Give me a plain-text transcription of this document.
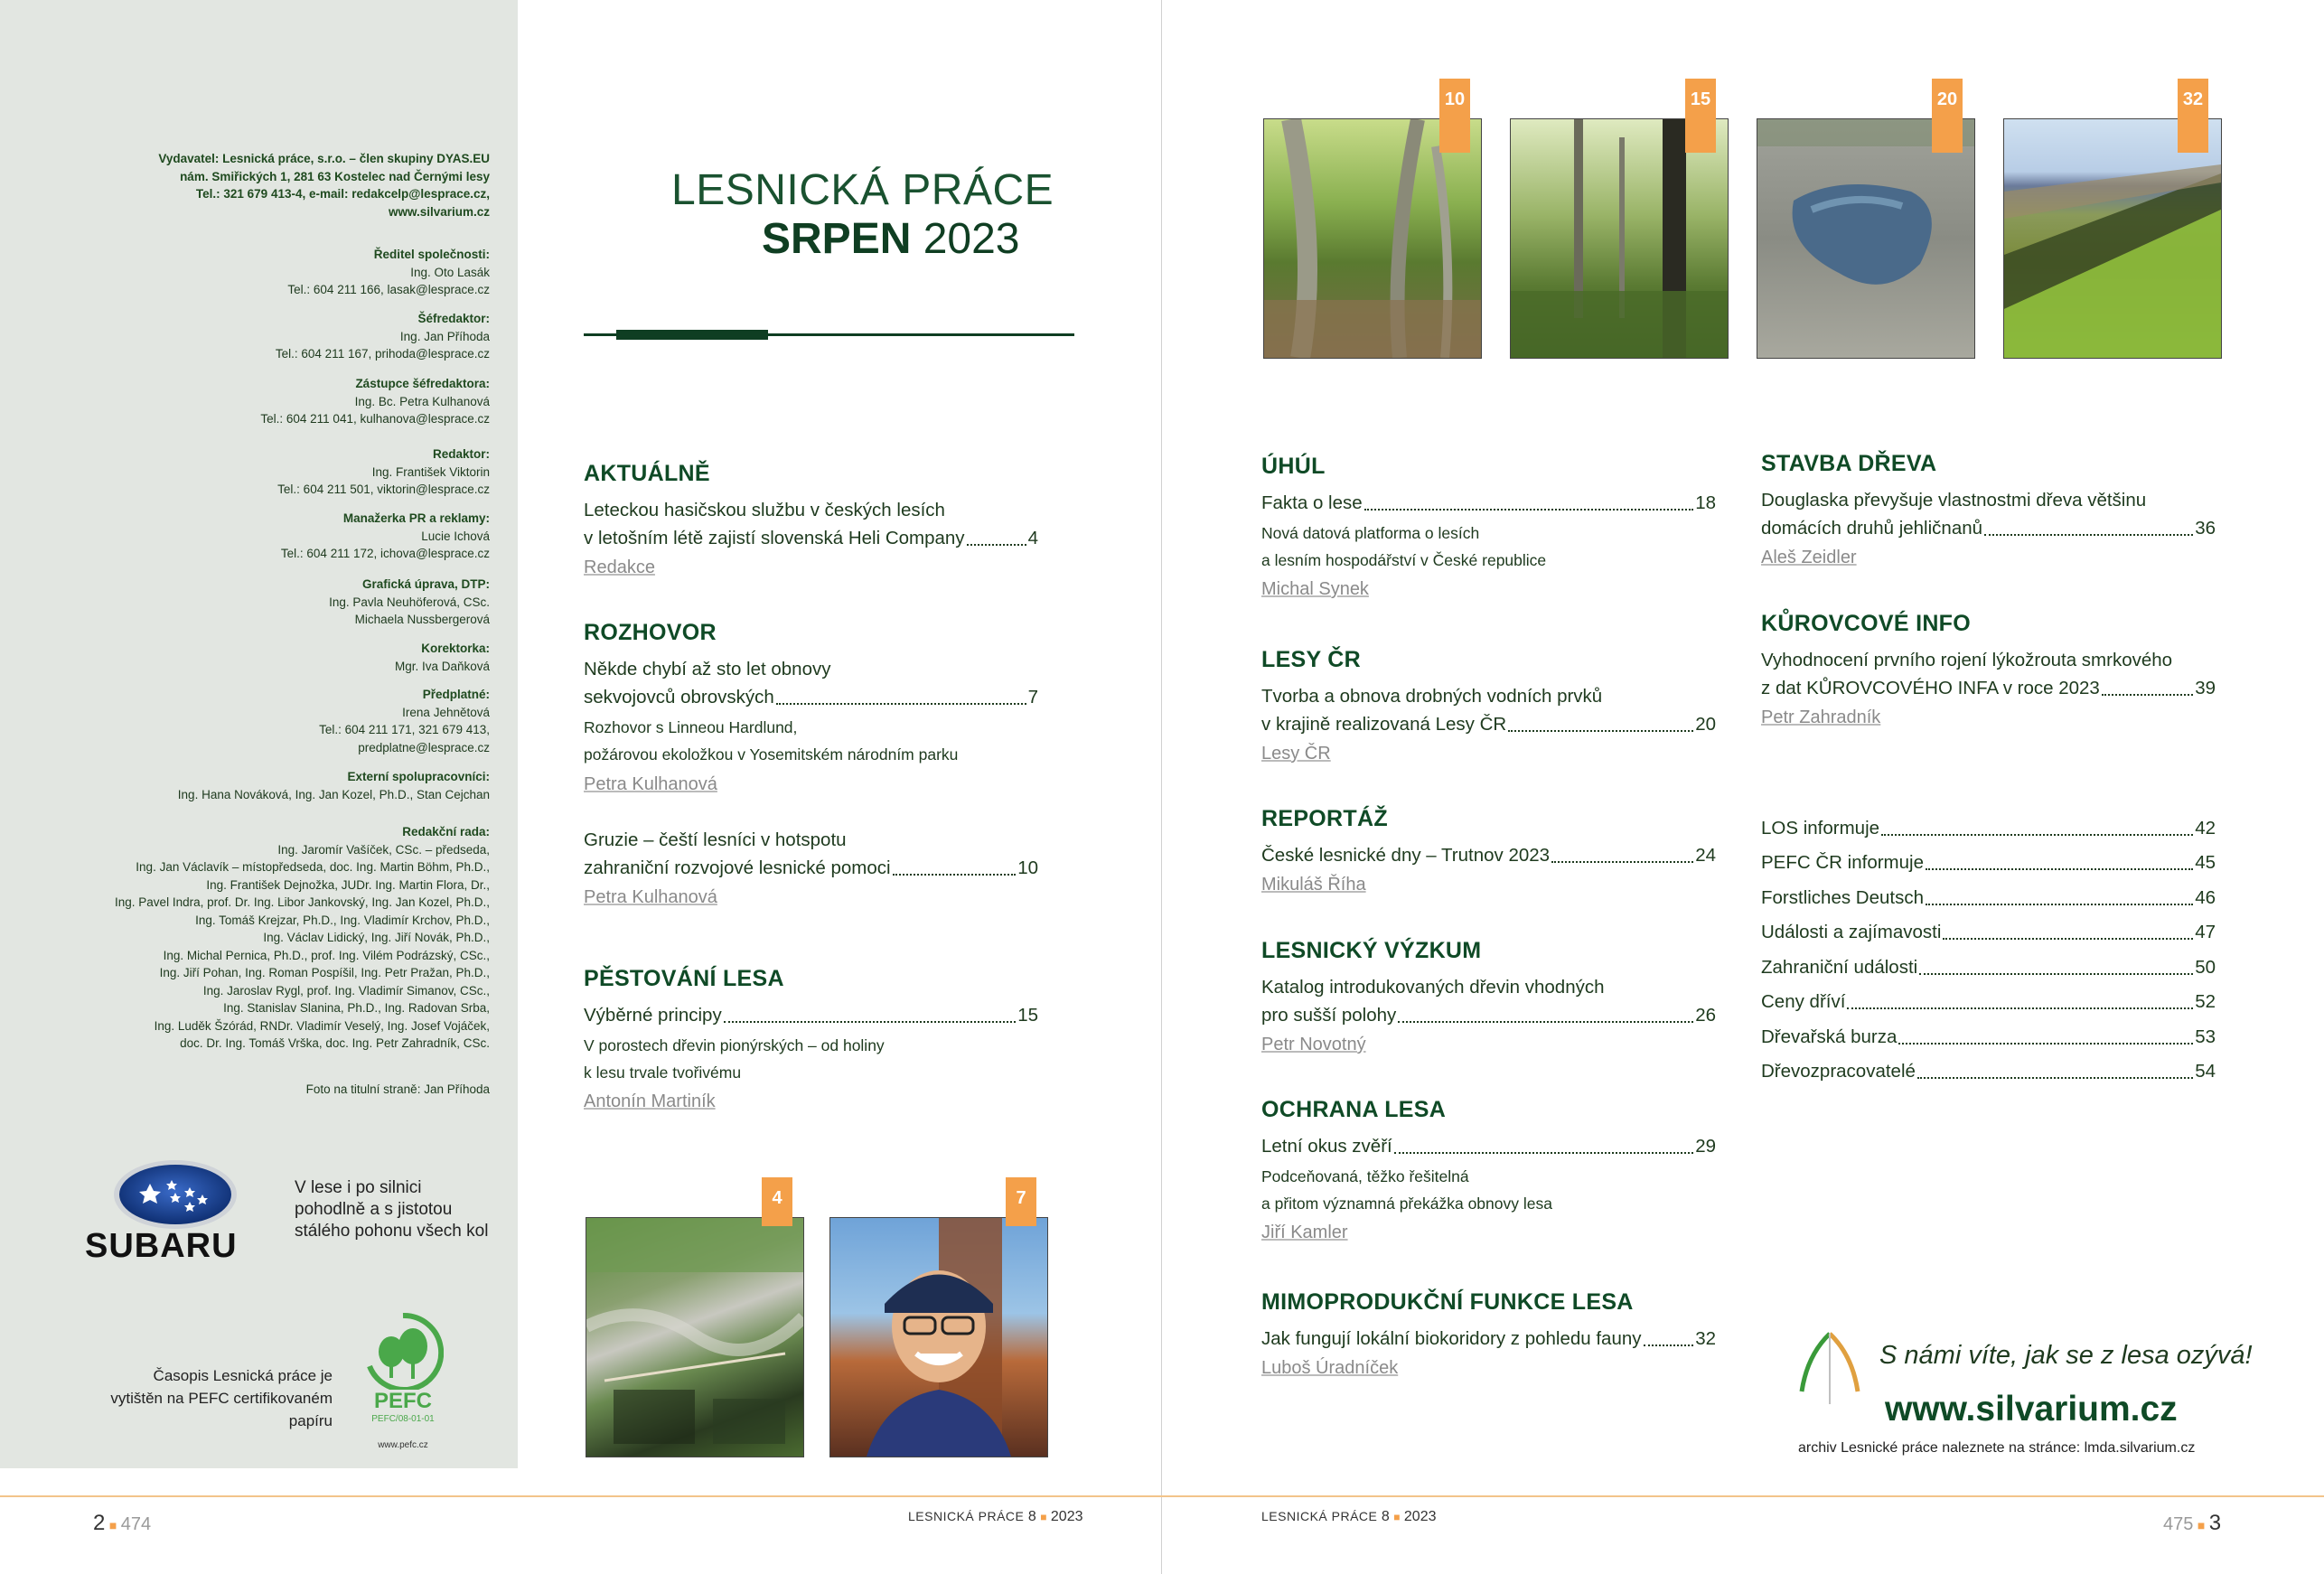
Vydavatel: Lesnická práce, s.r.o. – člen skupiny DYAS.EU
nám. Smiřických 1, 281 63 Kostelec nad Černými lesy
Tel.: 321 679 413-4, e-mail: redakcelp@lesprace.cz,
www.silvarium.cz
Ředitel společnosti:
Ing. Oto Lasák
Tel.: 604 211 166, lasak@lesprace.cz
Šéfredaktor:
Ing. Jan Příhoda
Tel.: 604 211 167, prihoda@lesprace.cz
Zástupce šéfredaktora:
Ing. Bc. Petra Kulhanová
Tel.: 604 211 041, kulhanova@lesprace.cz
Redaktor:
Ing. František Viktorin
Tel.: 604 211 501, viktorin@lesprace.cz
Manažerka PR a reklamy:
Lucie Ichová
Tel.: 604 211 172, ichova@lesprace.cz
Grafická úprava, DTP:
Ing. Pavla Neuhöferová, CSc.
Michaela Nussbergerová
Korektorka:
Mgr. Iva Daňková
Předplatné:
Irena Jehnětová
Tel.: 604 211 171, 321 679 413,
predplatne@lesprace.cz
Externí spolupracovníci:
Ing. Hana Nováková, Ing. Jan Kozel, Ph.D., Stan Cejchan
Redakční rada:
Ing. Jaromír Vašíček, CSc. – předseda,
Ing. Jan Václavík – místopředseda, doc. Ing. Martin Böhm, Ph.D.,
Ing. František Dejnožka, JUDr. Ing. Martin Flora, Dr.,
Ing. Pavel Indra, prof. Dr. Ing. Libor Jankovský, Ing. Jan Kozel, Ph.D.,
Ing. Tomáš Krejzar, Ph.D., Ing. Vladimír Krchov, Ph.D.,
Ing. Václav Lidický, Ing. Jiří Novák, Ph.D.,
Ing. Michal Pernica, Ph.D., prof. Ing. Vilém Podrázský, CSc.,
Ing. Jiří Pohan, Ing. Roman Pospíšil, Ing. Petr Pražan, Ph.D.,
Ing. Jaroslav Rygl, prof. Ing. Vladimír Simanov, CSc.,
Ing. Stanislav Slanina, Ph.D., Ing. Radovan Srba,
Ing. Luděk Šzórád, RNDr. Vladimír Veselý, Ing. Josef Vojáček,
doc. Dr. Ing. Tomáš Vrška, doc. Ing. Petr Zahradník, CSc.
Foto na titulní straně: Jan Příhoda
SUBARU
V lese i po silnici
pohodlně a s jistotou
stálého pohonu všech kol
Časopis Lesnická práce je
vytištěn na PEFC certifikovaném
papíru
PEFC
PEFC/08-01-01
www.pefc.cz
LESNICKÁ PRÁCE
SRPEN 2023
AKTUÁLNĚ
Leteckou hasičskou službu v českých lesích
v letošním létě zajistí slovenská Heli Company	4
Redakce
ROZHOVOR
Někde chybí až sto let obnovy
sekvojovců obrovských	7
Rozhovor s Linneou Hardlund,
požárovou ekoložkou v Yosemitském národním parku
Petra Kulhanová
Gruzie – čeští lesníci v hotspotu
zahraniční rozvojové lesnické pomoci	10
Petra Kulhanová
PĚSTOVÁNÍ LESA
Výběrné principy	15
V porostech dřevin pionýrských – od holiny
k lesu trvale tvořivému
Antonín Martiník
4	7
10	15	20	32
ÚHÚL
Fakta o lese	18
Nová datová platforma o lesích
a lesním hospodářství v České republice
Michal Synek
LESY ČR
Tvorba a obnova drobných vodních prvků
v krajině realizovaná Lesy ČR	20
Lesy ČR
REPORTÁŽ
České lesnické dny – Trutnov 2023	24
Mikuláš Říha
LESNICKÝ VÝZKUM
Katalog introdukovaných dřevin vhodných
pro sušší polohy	26
Petr Novotný
OCHRANA LESA
Letní okus zvěří	29
Podceňovaná, těžko řešitelná
a přitom významná překážka obnovy lesa
Jiří Kamler
MIMOPRODUKČNÍ FUNKCE LESA
Jak fungují lokální biokoridory z pohledu fauny	32
Luboš Úradníček
STAVBA DŘEVA
Douglaska převyšuje vlastnostmi dřeva většinu
domácích druhů jehličnanů	36
Aleš Zeidler
KŮROVCOVÉ INFO
Vyhodnocení prvního rojení lýkožrouta smrkového
z dat KŮROVCOVÉHO INFA v roce 2023	39
Petr Zahradník
LOS informuje	42
PEFC ČR informuje	45
Forstliches Deutsch	46
Události a zajímavosti	47
Zahraniční události	50
Ceny dříví	52
Dřevařská burza	53
Dřevozpracovatelé	54
S námi víte, jak se z lesa ozývá!
www.silvarium.cz
archiv Lesnické práce naleznete na stránce: lmda.silvarium.cz
2 ■ 474	LESNICKÁ PRÁCE 8 ■ 2023	LESNICKÁ PRÁCE 8 ■ 2023	475 ■ 3
